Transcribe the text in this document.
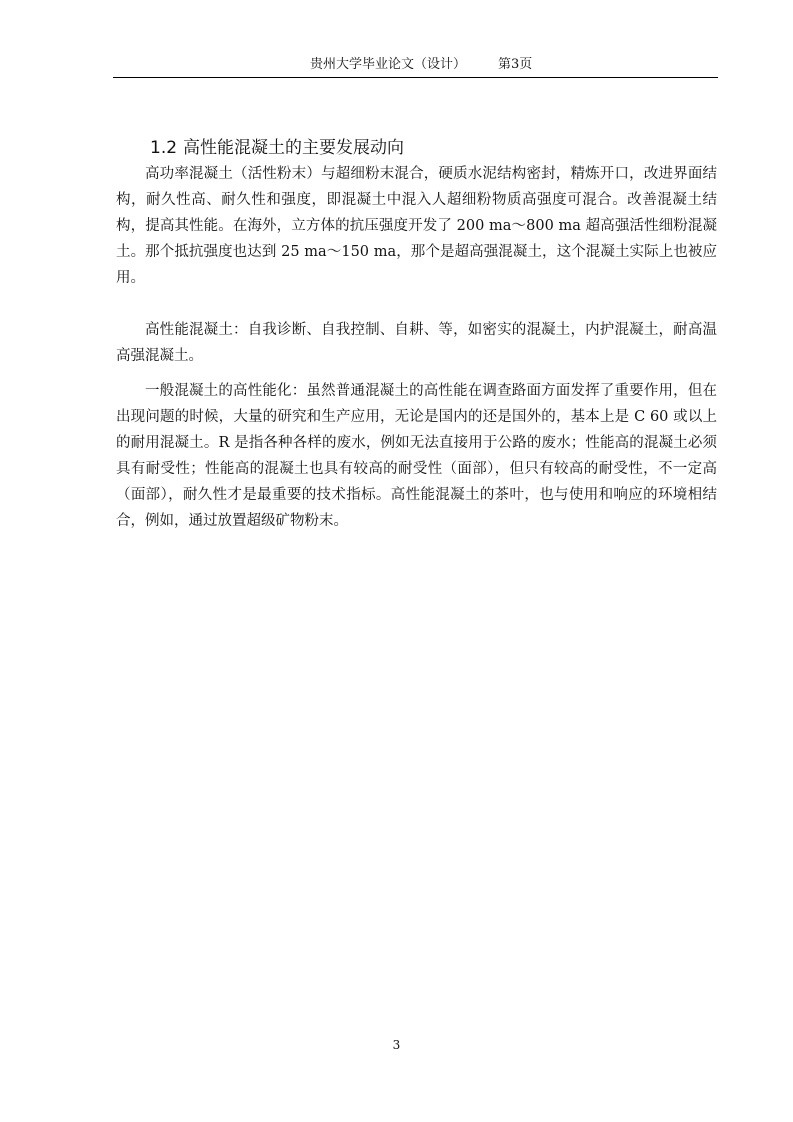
贵州大学毕业论文（设计） 第3页
1.2 高性能混凝土的主要发展动向

高功率混凝土（活性粉末）与超细粉末混合，硬质水泥结构密封，精炼开口，改进界面结构，耐久性高、耐久性和强度，即混凝土中混入人超细粉物质高强度可混合。改善混凝土结构，提高其性能。在海外，立方体的抗压强度开发了 200 ma～800 ma 超高强活性细粉混凝土。那个抵抗强度也达到 25 ma～150 ma，那个是超高强混凝土，这个混凝土实际上也被应用。

高性能混凝土：自我诊断、自我控制、自耕、等，如密实的混凝土，内护混凝土，耐高温高强混凝土。

一般混凝土的高性能化：虽然普通混凝土的高性能在调查路面方面发挥了重要作用，但在出现问题的时候，大量的研究和生产应用，无论是国内的还是国外的，基本上是 C 60 或以上的耐用混凝土。R 是指各种各样的废水，例如无法直接用于公路的废水；性能高的混凝土必须具有耐受性；性能高的混凝土也具有较高的耐受性（面部），但只有较高的耐受性，不一定高（面部），耐久性才是最重要的技术指标。高性能混凝土的茶叶，也与使用和响应的环境相结合，例如，通过放置超级矿物粉末。

3
